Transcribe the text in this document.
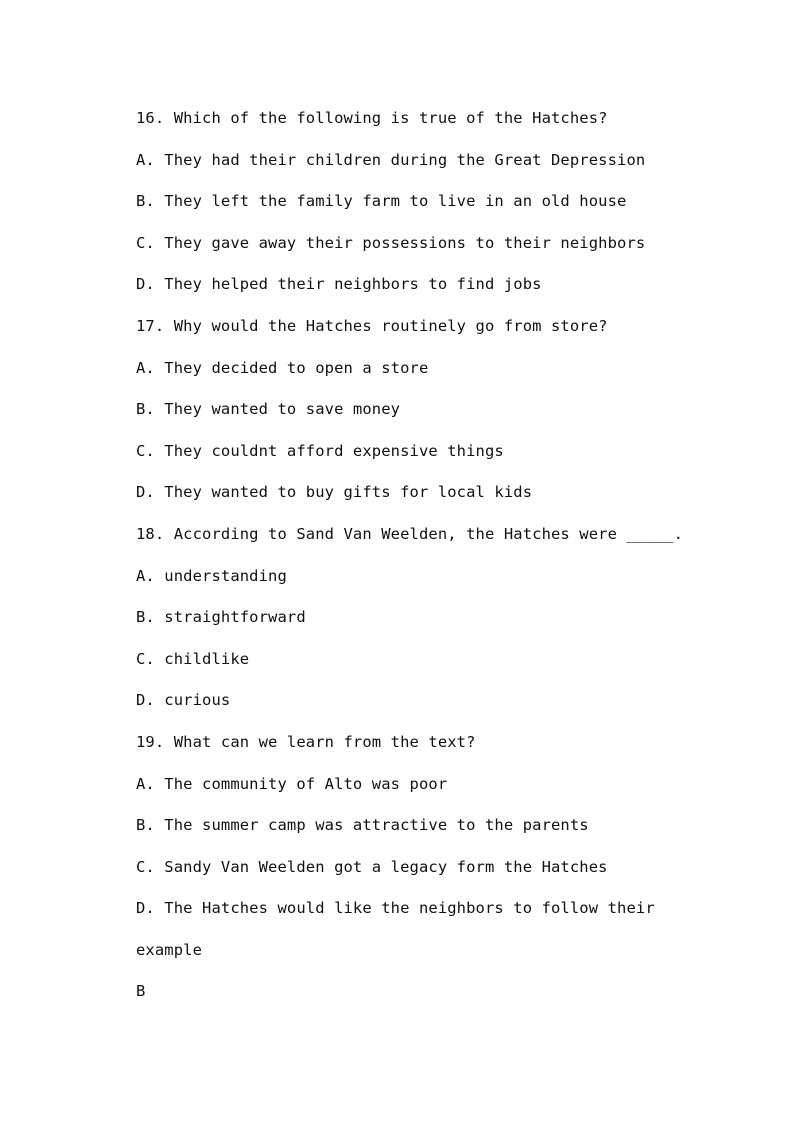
16. Which of the following is true of the Hatches?
A. They had their children during the Great Depression
B. They left the family farm to live in an old house
C. They gave away their possessions to their neighbors
D. They helped their neighbors to find jobs
17. Why would the Hatches routinely go from store?
A. They decided to open a store
B. They wanted to save money
C. They couldnt afford expensive things
D. They wanted to buy gifts for local kids
18. According to Sand Van Weelden, the Hatches were _____.
A. understanding
B. straightforward
C. childlike
D. curious
19. What can we learn from the text?
A. The community of Alto was poor
B. The summer camp was attractive to the parents
C. Sandy Van Weelden got a legacy form the Hatches
D. The Hatches would like the neighbors to follow their
example
B
